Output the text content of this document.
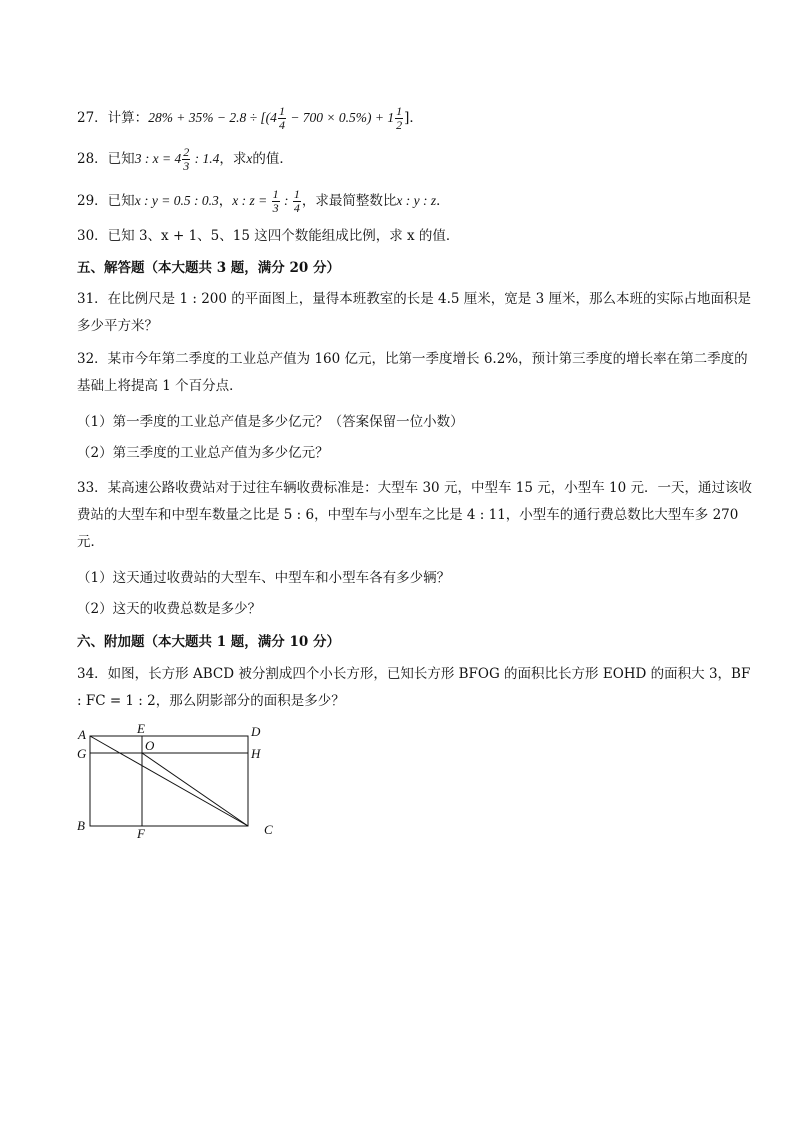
27．计算：$28\% + 35\% - 2.8 \div [(4 \frac{1}{4} - 700 \times 0.5\%) + 1 \frac{1}{2}$ ]．
28．已知3 : $x = 4 \frac{2}{3}$ : 1.4，求x的值．
29．已知x : y = 0.5 : 0.3，x : $z = \frac{1}{3}$ : $\frac{1}{4}$ ，求最简整数比x : y : z．
30．已知 3、x + 1、5、15 这四个数能组成比例，求 x 的值．
五、解答题（本大题共 3 题，满分 20 分）
31．在比例尺是 1 : 200 的平面图上，量得本班教室的长是 4.5 厘米，宽是 3 厘米，那么本班的实际占地面积是多少平方米？
32．某市今年第二季度的工业总产值为 160 亿元，比第一季度增长 6.2%，预计第三季度的增长率在第二季度的基础上将提高 1 个百分点．
（1）第一季度的工业总产值是多少亿元？（答案保留一位小数）
（2）第三季度的工业总产值为多少亿元？
33．某高速公路收费站对于过往车辆收费标准是：大型车 30 元，中型车 15 元，小型车 10 元．一天，通过该收费站的大型车和中型车数量之比是 5 : 6，中型车与小型车之比是 4 : 11，小型车的通行费总数比大型车多 270 元．
（1）这天通过收费站的大型车、中型车和小型车各有多少辆？
（2）这天的收费总数是多少？
六、附加题（本大题共 1 题，满分 10 分）
34．如图，长方形 ABCD 被分割成四个小长方形，已知长方形 BFOG 的面积比长方形 EOHD 的面积大 3，BF : FC = 1 : 2，那么阴影部分的面积是多少？
A
G
B
E
O
F
D
H
C
